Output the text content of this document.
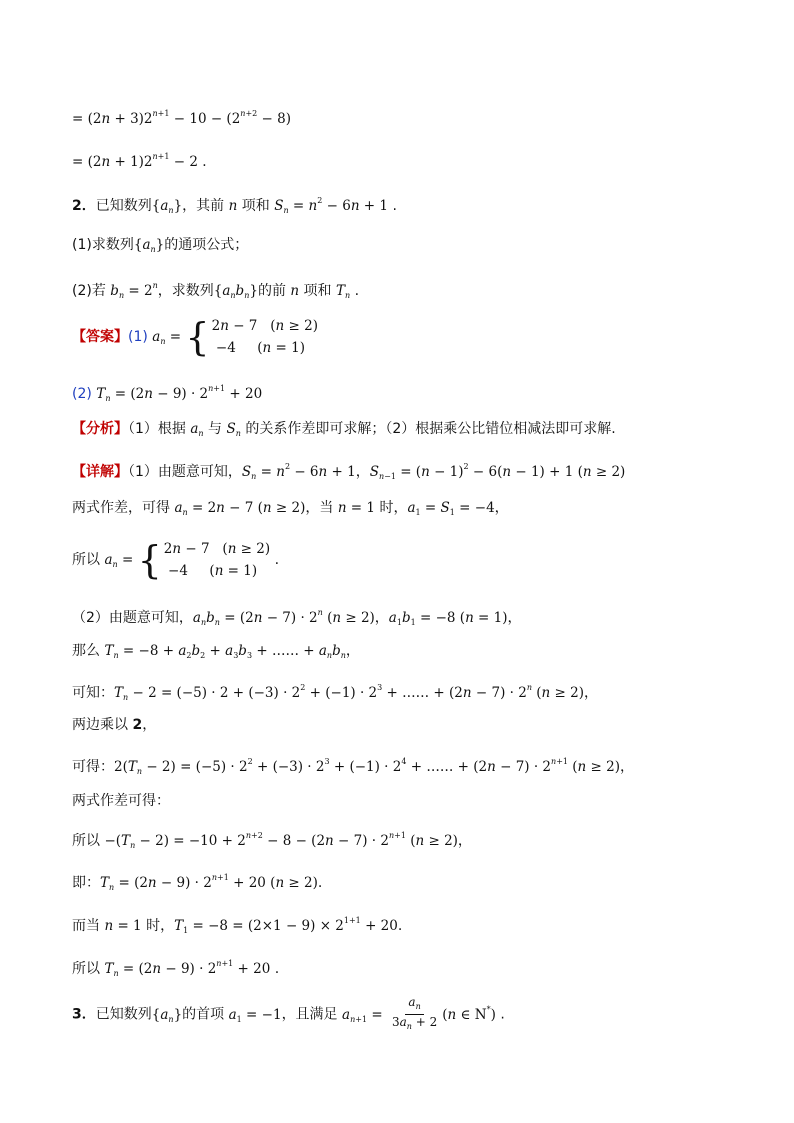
= $(2n + 3)2^{n+1} - 10 - (2^{n+2} - 8)$
= $(2n + 1)2^{n+1} - 2$ .
2．已知数列$\{a_n\}$，其前 n 项和 $S_n = n^2 - 6n + 1$ .
(1)求数列$\{a_n\}$的通项公式；
(2)若 $b_n = 2^n$，求数列$\{a_nb_n\}$的前 n 项和 $T_n$ .
【答案】(1) $a_n$ = { 2n − 7   (n ≥ 2)
−4     (n = 1)
(2) $T_n = (2n - 9) \cdot 2^{n+1} + 20$
【分析】（1）根据 $a_n$ 与 $S_n$ 的关系作差即可求解；（2）根据乘公比错位相减法即可求解.
【详解】（1）由题意可知，$S_n = n^2 - 6n + 1$，$S_{n-1} = (n - 1)^2 - 6(n - 1) + 1$ (n ≥ 2)
两式作差，可得 $a_n = 2n - 7$ (n ≥ 2)，当 n = 1 时，$a_1 = S_1 = -4$，
所以 $a_n$ = { 2n − 7   (n ≥ 2)
−4     (n = 1)
.
（2）由题意可知，$a_nb_n = (2n - 7) \cdot 2^n$ (n ≥ 2)，$a_1b_1 = -8$ (n = 1)，
那么 $T_n = -8 + a_2b_2 + a_3b_3$ + …… + $a_nb_n$，
可知：$T_n - 2 = (-5) \cdot 2 + (-3) \cdot 2^2 + (-1) \cdot 2^3$ + …… + $(2n - 7) \cdot 2^n$ (n ≥ 2)，
两边乘以 2，
可得：$2(T_n - 2) = (-5) \cdot 2^2 + (-3) \cdot 2^3 + (-1) \cdot 2^4$ + …… + $(2n - 7) \cdot 2^{n+1}$ (n ≥ 2)，
两式作差可得：
所以 $-(T_n - 2) = -10 + 2^{n+2} - 8 - (2n - 7) \cdot 2^{n+1}$ (n ≥ 2)，
即：$T_n = (2n - 9) \cdot 2^{n+1} + 20$ (n ≥ 2).
而当 n = 1 时，$T_1 = -8 = (2\times 1 - 9) \times 2^{1+1} + 20$.
所以 $T_n = (2n - 9) \cdot 2^{n+1} + 20$ .
3．已知数列$\{a_n\}$的首项 $a_1 = -1$，且满足 $a_{n+1} = \frac{a_n}{3a_n + 2} (n$ ∈ N*) .
